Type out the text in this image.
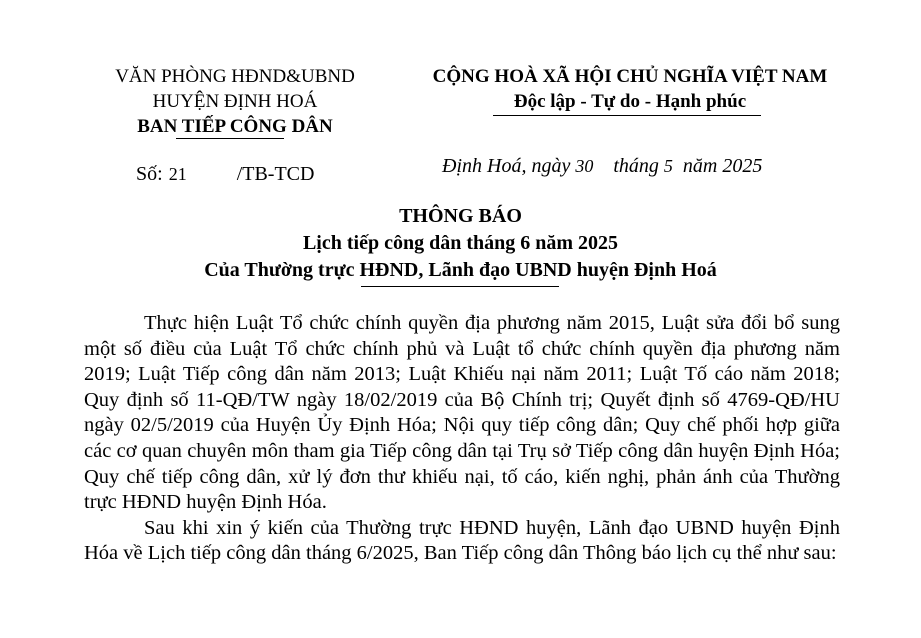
VĂN PHÒNG HĐND&UBND
HUYỆN ĐỊNH HOÁ
BAN TIẾP CÔNG DÂN
CỘNG HOÀ XÃ HỘI CHỦ NGHĨA VIỆT NAM
Độc lập - Tự do - Hạnh phúc
Số: 21	/TB-TCD	Định Hoá, ngày 30 tháng 5 năm 2025
THÔNG BÁO
Lịch tiếp công dân tháng 6 năm 2025
Của Thường trực HĐND, Lãnh đạo UBND huyện Định Hoá

Thực hiện Luật Tổ chức chính quyền địa phương năm 2015, Luật sửa đổi bổ sung một số điều của Luật Tổ chức chính phủ và Luật tổ chức chính quyền địa phương năm 2019; Luật Tiếp công dân năm 2013; Luật Khiếu nại năm 2011; Luật Tố cáo năm 2018; Quy định số 11-QĐ/TW ngày 18/02/2019 của Bộ Chính trị; Quyết định số 4769-QĐ/HU ngày 02/5/2019 của Huyện Ủy Định Hóa; Nội quy tiếp công dân; Quy chế phối hợp giữa các cơ quan chuyên môn tham gia Tiếp công dân tại Trụ sở Tiếp công dân huyện Định Hóa; Quy chế tiếp công dân, xử lý đơn thư khiếu nại, tố cáo, kiến nghị, phản ánh của Thường trực HĐND huyện Định Hóa.

Sau khi xin ý kiến của Thường trực HĐND huyện, Lãnh đạo UBND huyện Định Hóa về Lịch tiếp công dân tháng 6/2025, Ban Tiếp công dân Thông báo lịch cụ thể như sau:
